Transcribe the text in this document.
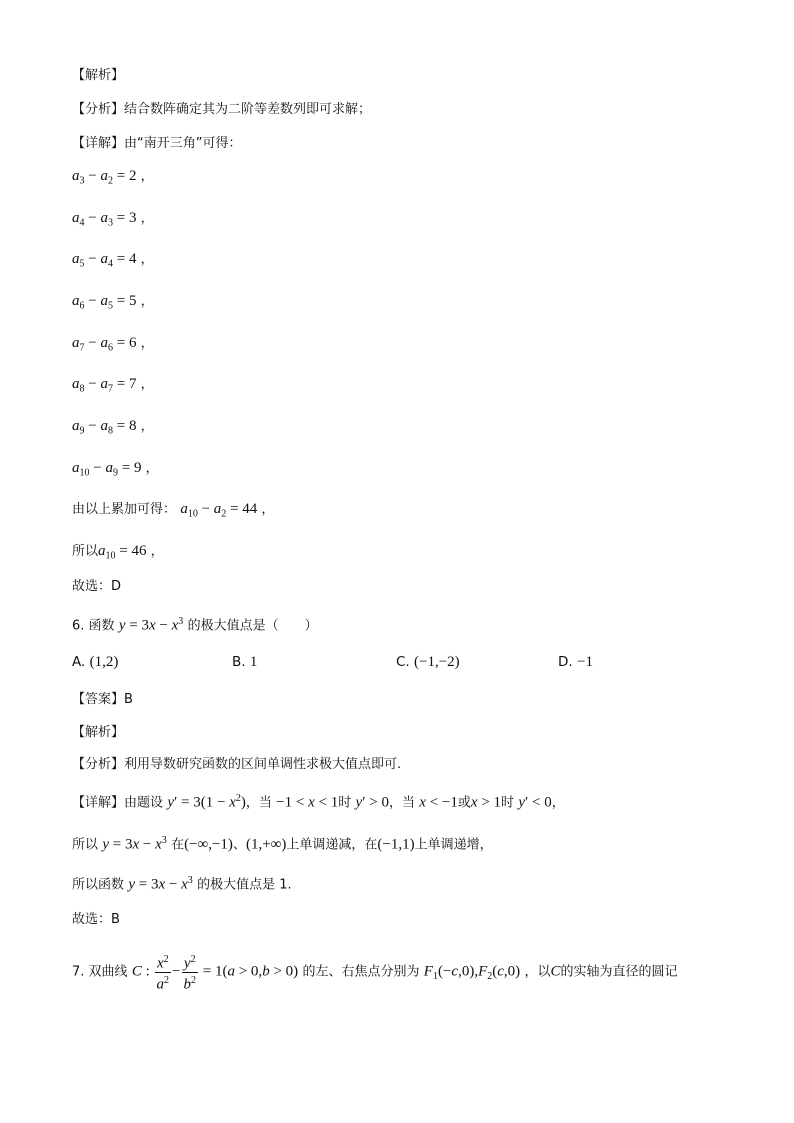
【解析】
【分析】结合数阵确定其为二阶等差数列即可求解；
【详解】由“南开三角”可得：
$a_3 - a_2 = 2$ ，
$a_4 - a_3 = 3$ ，
$a_5 - a_4 = 4$ ，
$a_6 - a_5 = 5$ ，
$a_7 - a_6 = 6$ ，
$a_8 - a_7 = 7$ ，
$a_9 - a_8 = 8$ ，
$a_{10} - a_9 = 9$ ，
由以上累加可得： $a_{10} - a_2 = 44$ ，
所以$a_{10} = 46$ ，
故选：D
6. 函数 $y = 3x - x^3$ 的极大值点是（　　）
A. (1,2)	B. 1	C. (−1,−2)	D. −1
【答案】B
【解析】
【分析】利用导数研究函数的区间单调性求极大值点即可.
【详解】由题设 $y' = 3(1 - x^2)$，当 −1 < x < 1时 y′ > 0，当 x < −1或x > 1时 y′ < 0，
所以 $y = 3x - x^3$ 在(−∞,−1)、(1,+∞)上单调递减，在(−1,1)上单调递增，
所以函数 $y = 3x - x^3$ 的极大值点是 1.
故选：B
7. 双曲线 C : $\frac{x^2}{a^2} - \frac{y^2}{b^2} = 1(a > 0,b > 0)$ 的左、右焦点分别为 $F_1(-c,0),F_2(c,0)$ ，以C的实轴为直径的圆记
